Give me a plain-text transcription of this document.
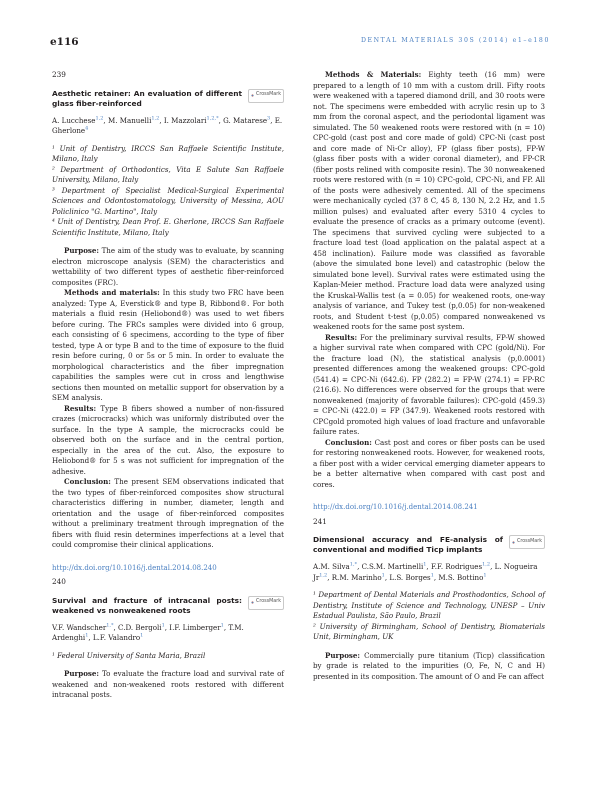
e116	DENTAL MATERIALS 30S (2014) e1–e180

239

Aesthetic retainer: An evaluation of different glass fiber-reinforced

CrossMark

A. Lucchese$^{1,2}$, M. Manuelli$^{1,2}$, I. Mazzolari$^{1,2,*}$, G. Matarese$^3$, E. Gherlone$^4$

¹ Unit of Dentistry, IRCCS San Raffaele Scientific Institute, Milano, Italy

² Department of Orthodontics, Vita E Salute San Raffaele University, Milano, Italy

³ Department of Specialist Medical-Surgical Experimental Sciences and Odontostomatology, University of Messina, AOU Policlinico "G. Martino", Italy

⁴ Unit of Dentistry, Dean Prof. E. Gherlone, IRCCS San Raffaele Scientific Institute, Milano, Italy

Purpose: The aim of the study was to evaluate, by scanning electron microscope analysis (SEM) the characteristics and wettability of two different types of aesthetic fiber-reinforced composites (FRC).

Methods and materials: In this study two FRC have been analyzed: Type A, Everstick® and type B, Ribbond®. For both materials a fluid resin (Heliobond®) was used to wet fibers before curing. The FRCs samples were divided into 6 group, each consisting of 6 specimens, according to the type of fiber tested, type A or type B and to the time of exposure to the fluid resin before curing, 0 or 5s or 5 min. In order to evaluate the morphological characteristics and the fiber impregnation capabilities the samples were cut in cross and lengthwise sections then mounted on metallic support for observation by a SEM analysis.

Results: Type B fibers showed a number of non-fissured crazes (microcracks) which was uniformly distributed over the surface. In the type A sample, the microcracks could be observed both on the surface and in the central portion, especially in the area of the cut. Also, the exposure to Heliobond® for 5 s was not sufficient for impregnation of the adhesive.

Conclusion: The present SEM observations indicated that the two types of fiber-reinforced composites show structural characteristics differing in number, diameter, length and orientation and the usage of fiber-reinforced composites without a preliminary treatment through impregnation of the fibers with fluid resin determines imperfections at a level that could compromise their clinical applications.

http://dx.doi.org/10.1016/j.dental.2014.08.240

240

Survival and fracture of intracanal posts: weakened vs nonweakened roots

CrossMark

V.F. Wandscher$^{1,*}$, C.D. Bergoli$^1$, I.F. Limberger$^1$, T.M. Ardenghi$^1$, L.F. Valandro$^1$

¹ Federal University of Santa Maria, Brazil

Purpose: To evaluate the fracture load and survival rate of weakened and non-weakened roots restored with different intracanal posts.

Methods & Materials: Eighty teeth (16 mm) were prepared to a length of 10 mm with a custom drill. Fifty roots were weakened with a tapered diamond drill, and 30 roots were not. The specimens were embedded with acrylic resin up to 3 mm from the coronal aspect, and the periodontal ligament was simulated. The 50 weakened roots were restored with (n = 10) CPC-gold (cast post and core made of gold) CPC-Ni (cast post and core made of Ni-Cr alloy), FP (glass fiber posts), FP-W (glass fiber posts with a wider coronal diameter), and FP-CR (fiber posts relined with composite resin). The 30 nonweakened roots were restored with (n = 10) CPC-gold, CPC-Ni, and FP. All of the posts were adhesively cemented. All of the specimens were mechanically cycled (37 8 C, 45 8, 130 N, 2.2 Hz, and 1.5 million pulses) and evaluated after every 5310 4 cycles to evaluate the presence of cracks as a primary outcome (event). The specimens that survived cycling were subjected to a fracture load test (load application on the palatal aspect at a 458 inclination). Failure mode was classified as favorable (above the simulated bone level) and catastrophic (below the simulated bone level). Survival rates were estimated using the Kaplan-Meier method. Fracture load data were analyzed using the Kruskal-Wallis test (a = 0.05) for weakened roots, one-way analysis of variance, and Tukey test (p,0.05) for non-weakened roots, and Student t-test (p,0.05) compared nonweakened vs weakened roots for the same post system.

Results: For the preliminary survival results, FP-W showed a higher survival rate when compared with CPC (gold/Ni). For the fracture load (N), the statistical analysis (p,0.0001) presented differences among the weakened groups: CPC-gold (541.4) = CPC-Ni (642.6). FP (282.2) = FP-W (274.1) = FP-RC (216.6). No differences were observed for the groups that were nonweakened (majority of favorable failures): CPC-gold (459.3) = CPC-Ni (422.0) = FP (347.9). Weakened roots restored with CPCgold promoted high values of load fracture and unfavorable failure rates.

Conclusion: Cast post and cores or fiber posts can be used for restoring nonweakened roots. However, for weakened roots, a fiber post with a wider cervical emerging diameter appears to be a better alternative when compared with cast post and cores.

http://dx.doi.org/10.1016/j.dental.2014.08.241

241

Dimensional accuracy and FE-analysis of conventional and modified Ticp implants

CrossMark

A.M. Silva$^{1,*}$, C.S.M. Martinelli$^1$, F.F. Rodrigues$^{1,2}$, L. Nogueira Jr$^{1,2}$, R.M. Marinho$^1$, L.S. Borges$^1$, M.S. Bottino$^1$

¹ Department of Dental Materials and Prosthodontics, School of Dentistry, Institute of Science and Technology, UNESP – Univ Estadual Paulista, São Paulo, Brazil

² University of Birmingham, School of Dentistry, Biomaterials Unit, Birmingham, UK

Purpose: Commercially pure titanium (Ticp) classification by grade is related to the impurities (O, Fe, N, C and H) presented in its composition. The amount of O and Fe can affect
